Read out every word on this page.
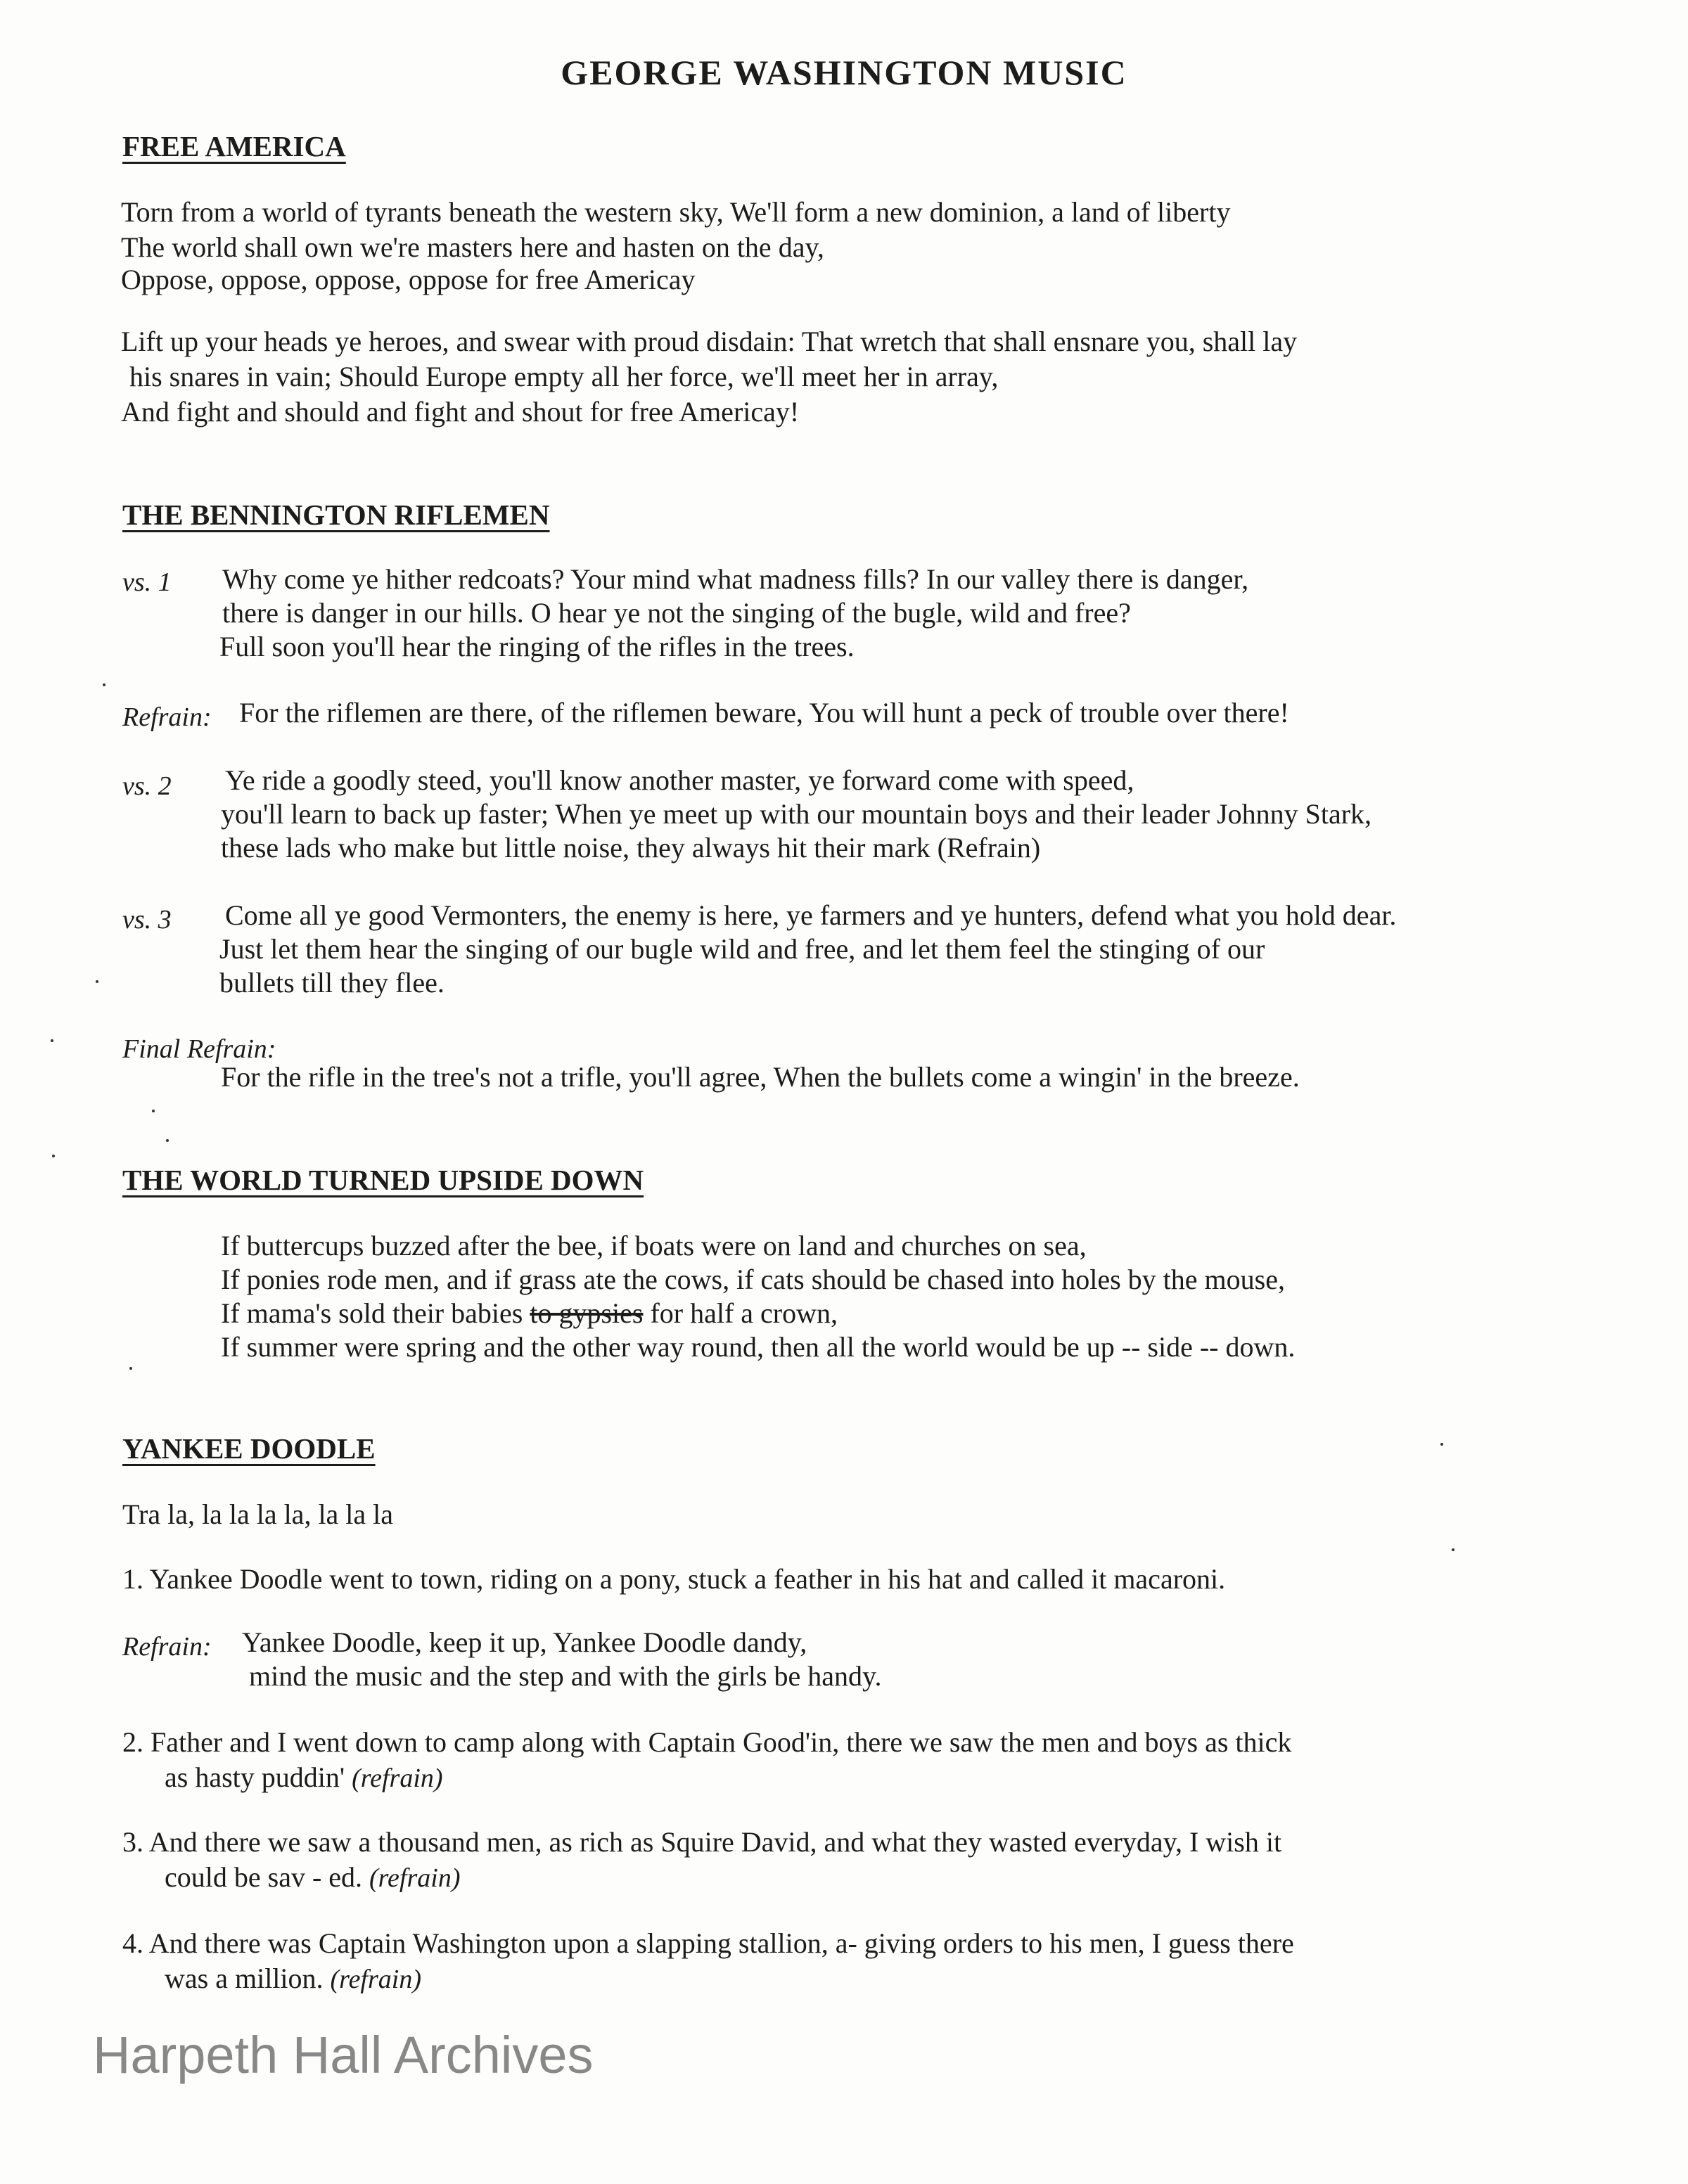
GEORGE WASHINGTON MUSIC
FREE AMERICA
Torn from a world of tyrants beneath the western sky, We'll form a new dominion, a land of liberty
The world shall own we're masters here and hasten on the day,
Oppose, oppose, oppose, oppose for free Americay
Lift up your heads ye heroes, and swear with proud disdain: That wretch that shall ensnare you, shall lay
his snares in vain; Should Europe empty all her force, we'll meet her in array,
And fight and should and fight and shout for free Americay!
THE BENNINGTON RIFLEMEN
vs. 1 Why come ye hither redcoats? Your mind what madness fills? In our valley there is danger,
there is danger in our hills. O hear ye not the singing of the bugle, wild and free?
Full soon you'll hear the ringing of the rifles in the trees.
Refrain: For the riflemen are there, of the riflemen beware, You will hunt a peck of trouble over there!
vs. 2 Ye ride a goodly steed, you'll know another master, ye forward come with speed,
you'll learn to back up faster; When ye meet up with our mountain boys and their leader Johnny Stark,
these lads who make but little noise, they always hit their mark (Refrain)
vs. 3 Come all ye good Vermonters, the enemy is here, ye farmers and ye hunters, defend what you hold dear.
Just let them hear the singing of our bugle wild and free, and let them feel the stinging of our
bullets till they flee.
Final Refrain:
For the rifle in the tree's not a trifle, you'll agree, When the bullets come a wingin' in the breeze.
THE WORLD TURNED UPSIDE DOWN
If buttercups buzzed after the bee, if boats were on land and churches on sea,
If ponies rode men, and if grass ate the cows, if cats should be chased into holes by the mouse,
If mama's sold their babies to gypsies for half a crown,
If summer were spring and the other way round, then all the world would be up -- side -- down.
YANKEE DOODLE
Tra la, la la la la, la la la
1. Yankee Doodle went to town, riding on a pony, stuck a feather in his hat and called it macaroni.
Refrain: Yankee Doodle, keep it up, Yankee Doodle dandy,
mind the music and the step and with the girls be handy.
2. Father and I went down to camp along with Captain Good'in, there we saw the men and boys as thick
as hasty puddin' (refrain)
3. And there we saw a thousand men, as rich as Squire David, and what they wasted everyday, I wish it
could be sav - ed. (refrain)
4. And there was Captain Washington upon a slapping stallion, a- giving orders to his men, I guess there
was a million. (refrain)
Harpeth Hall Archives
